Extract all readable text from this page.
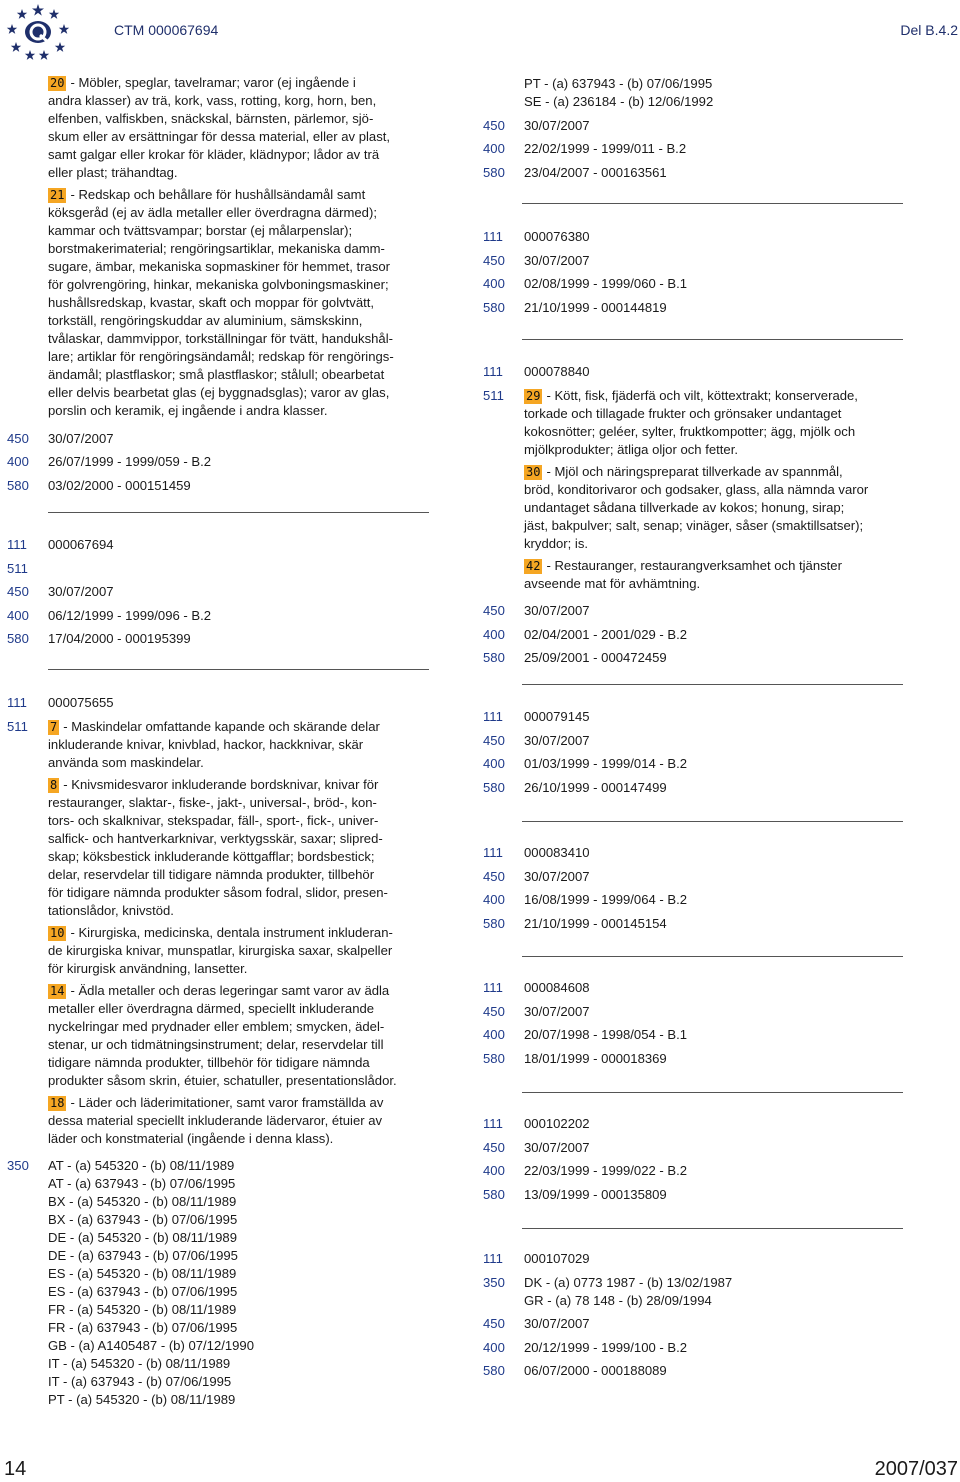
CTM 000067694	Del B.4.2
20 - Möbler, speglar, tavelramar; varor (ej ingående i
andra klasser) av trä, kork, vass, rotting, korg, horn, ben,
elfenben, valfiskben, snäckskal, bärnsten, pärlemor, sjö-
skum eller av ersättningar för dessa material, eller av plast,
samt galgar eller krokar för kläder, klädnypor; lådor av trä
eller plast; trähandtag.
21 - Redskap och behållare för hushållsändamål samt
köksgeråd (ej av ädla metaller eller överdragna därmed);
kammar och tvättsvampar; borstar (ej målarpenslar);
borstmakerimaterial; rengöringsartiklar, mekaniska damm-
sugare, ämbar, mekaniska sopmaskiner för hemmet, trasor
för golvrengöring, hinkar, mekaniska golvboningsmaskiner;
hushållsredskap, kvastar, skaft och moppar för golvtvätt,
torkställ, rengöringskuddar av aluminium, sämskskinn,
tvålaskar, dammvippor, torkställningar för tvätt, handukshål-
lare; artiklar för rengöringsändamål; redskap för rengörings-
ändamål; plastflaskor; små plastflaskor; stålull; obearbetat
eller delvis bearbetat glas (ej byggnadsglas); varor av glas,
porslin och keramik, ej ingående i andra klasser.
450	30/07/2007
400	26/07/1999 - 1999/059 - B.2
580	03/02/2000 - 000151459
111	000067694
511

450	30/07/2007
400	06/12/1999 - 1999/096 - B.2
580	17/04/2000 - 000195399
111	000075655
511	7 - Maskindelar omfattande kapande och skärande delar
inkluderande knivar, knivblad, hackor, hackknivar, skär
använda som maskindelar.
8 - Knivsmidesvaror inkluderande bordsknivar, knivar för
restauranger, slaktar-, fiske-, jakt-, universal-, bröd-, kon-
tors- och skalknivar, stekspadar, fäll-, sport-, fick-, univer-
salfick- och hantverkarknivar, verktygsskär, saxar; slipred-
skap; köksbestick inkluderande köttgafflar; bordsbestick;
delar, reservdelar till tidigare nämnda produkter, tillbehör
för tidigare nämnda produkter såsom fodral, slidor, presen-
tationslådor, knivstöd.
10 - Kirurgiska, medicinska, dentala instrument inkluderan-
de kirurgiska knivar, munspatlar, kirurgiska saxar, skalpeller
för kirurgisk användning, lansetter.
14 - Ädla metaller och deras legeringar samt varor av ädla
metaller eller överdragna därmed, speciellt inkluderande
nyckelringar med prydnader eller emblem; smycken, ädel-
stenar, ur och tidmätningsinstrument; delar, reservdelar till
tidigare nämnda produkter, tillbehör för tidigare nämnda
produkter såsom skrin, étuier, schatuller, presentationslådor.
18 - Läder och läderimitationer, samt varor framställda av
dessa material speciellt inkluderande lädervaror, étuier av
läder och konstmaterial (ingående i denna klass).
350	AT - (a) 545320 - (b) 08/11/1989
AT - (a) 637943 - (b) 07/06/1995
BX - (a) 545320 - (b) 08/11/1989
BX - (a) 637943 - (b) 07/06/1995
DE - (a) 545320 - (b) 08/11/1989
DE - (a) 637943 - (b) 07/06/1995
ES - (a) 545320 - (b) 08/11/1989
ES - (a) 637943 - (b) 07/06/1995
FR - (a) 545320 - (b) 08/11/1989
FR - (a) 637943 - (b) 07/06/1995
GB - (a) A1405487 - (b) 07/12/1990
IT - (a) 545320 - (b) 08/11/1989
IT - (a) 637943 - (b) 07/06/1995
PT - (a) 545320 - (b) 08/11/1989
PT - (a) 637943 - (b) 07/06/1995
SE - (a) 236184 - (b) 12/06/1992
450	30/07/2007
400	22/02/1999 - 1999/011 - B.2
580	23/04/2007 - 000163561
111	000076380
450	30/07/2007
400	02/08/1999 - 1999/060 - B.1
580	21/10/1999 - 000144819
111	000078840
511	29 - Kött, fisk, fjäderfä och vilt, köttextrakt; konserverade,
torkade och tillagade frukter och grönsaker undantaget
kokosnötter; geléer, sylter, fruktkompotter; ägg, mjölk och
mjölkprodukter; ätliga oljor och fetter.
30 - Mjöl och näringspreparat tillverkade av spannmål,
bröd, konditorivaror och godsaker, glass, alla nämnda varor
undantaget sådana tillverkade av kokos; honung, sirap;
jäst, bakpulver; salt, senap; vinäger, såser (smaktillsatser);
kryddor; is.
42 - Restauranger, restaurangverksamhet och tjänster
avseende mat för avhämtning.
450	30/07/2007
400	02/04/2001 - 2001/029 - B.2
580	25/09/2001 - 000472459
111	000079145
450	30/07/2007
400	01/03/1999 - 1999/014 - B.2
580	26/10/1999 - 000147499
111	000083410
450	30/07/2007
400	16/08/1999 - 1999/064 - B.2
580	21/10/1999 - 000145154
111	000084608
450	30/07/2007
400	20/07/1998 - 1998/054 - B.1
580	18/01/1999 - 000018369
111	000102202
450	30/07/2007
400	22/03/1999 - 1999/022 - B.2
580	13/09/1999 - 000135809
111	000107029
350	DK - (a) 0773 1987 - (b) 13/02/1987
GR - (a) 78 148 - (b) 28/09/1994
450	30/07/2007
400	20/12/1999 - 1999/100 - B.2
580	06/07/2000 - 000188089
14	2007/037
